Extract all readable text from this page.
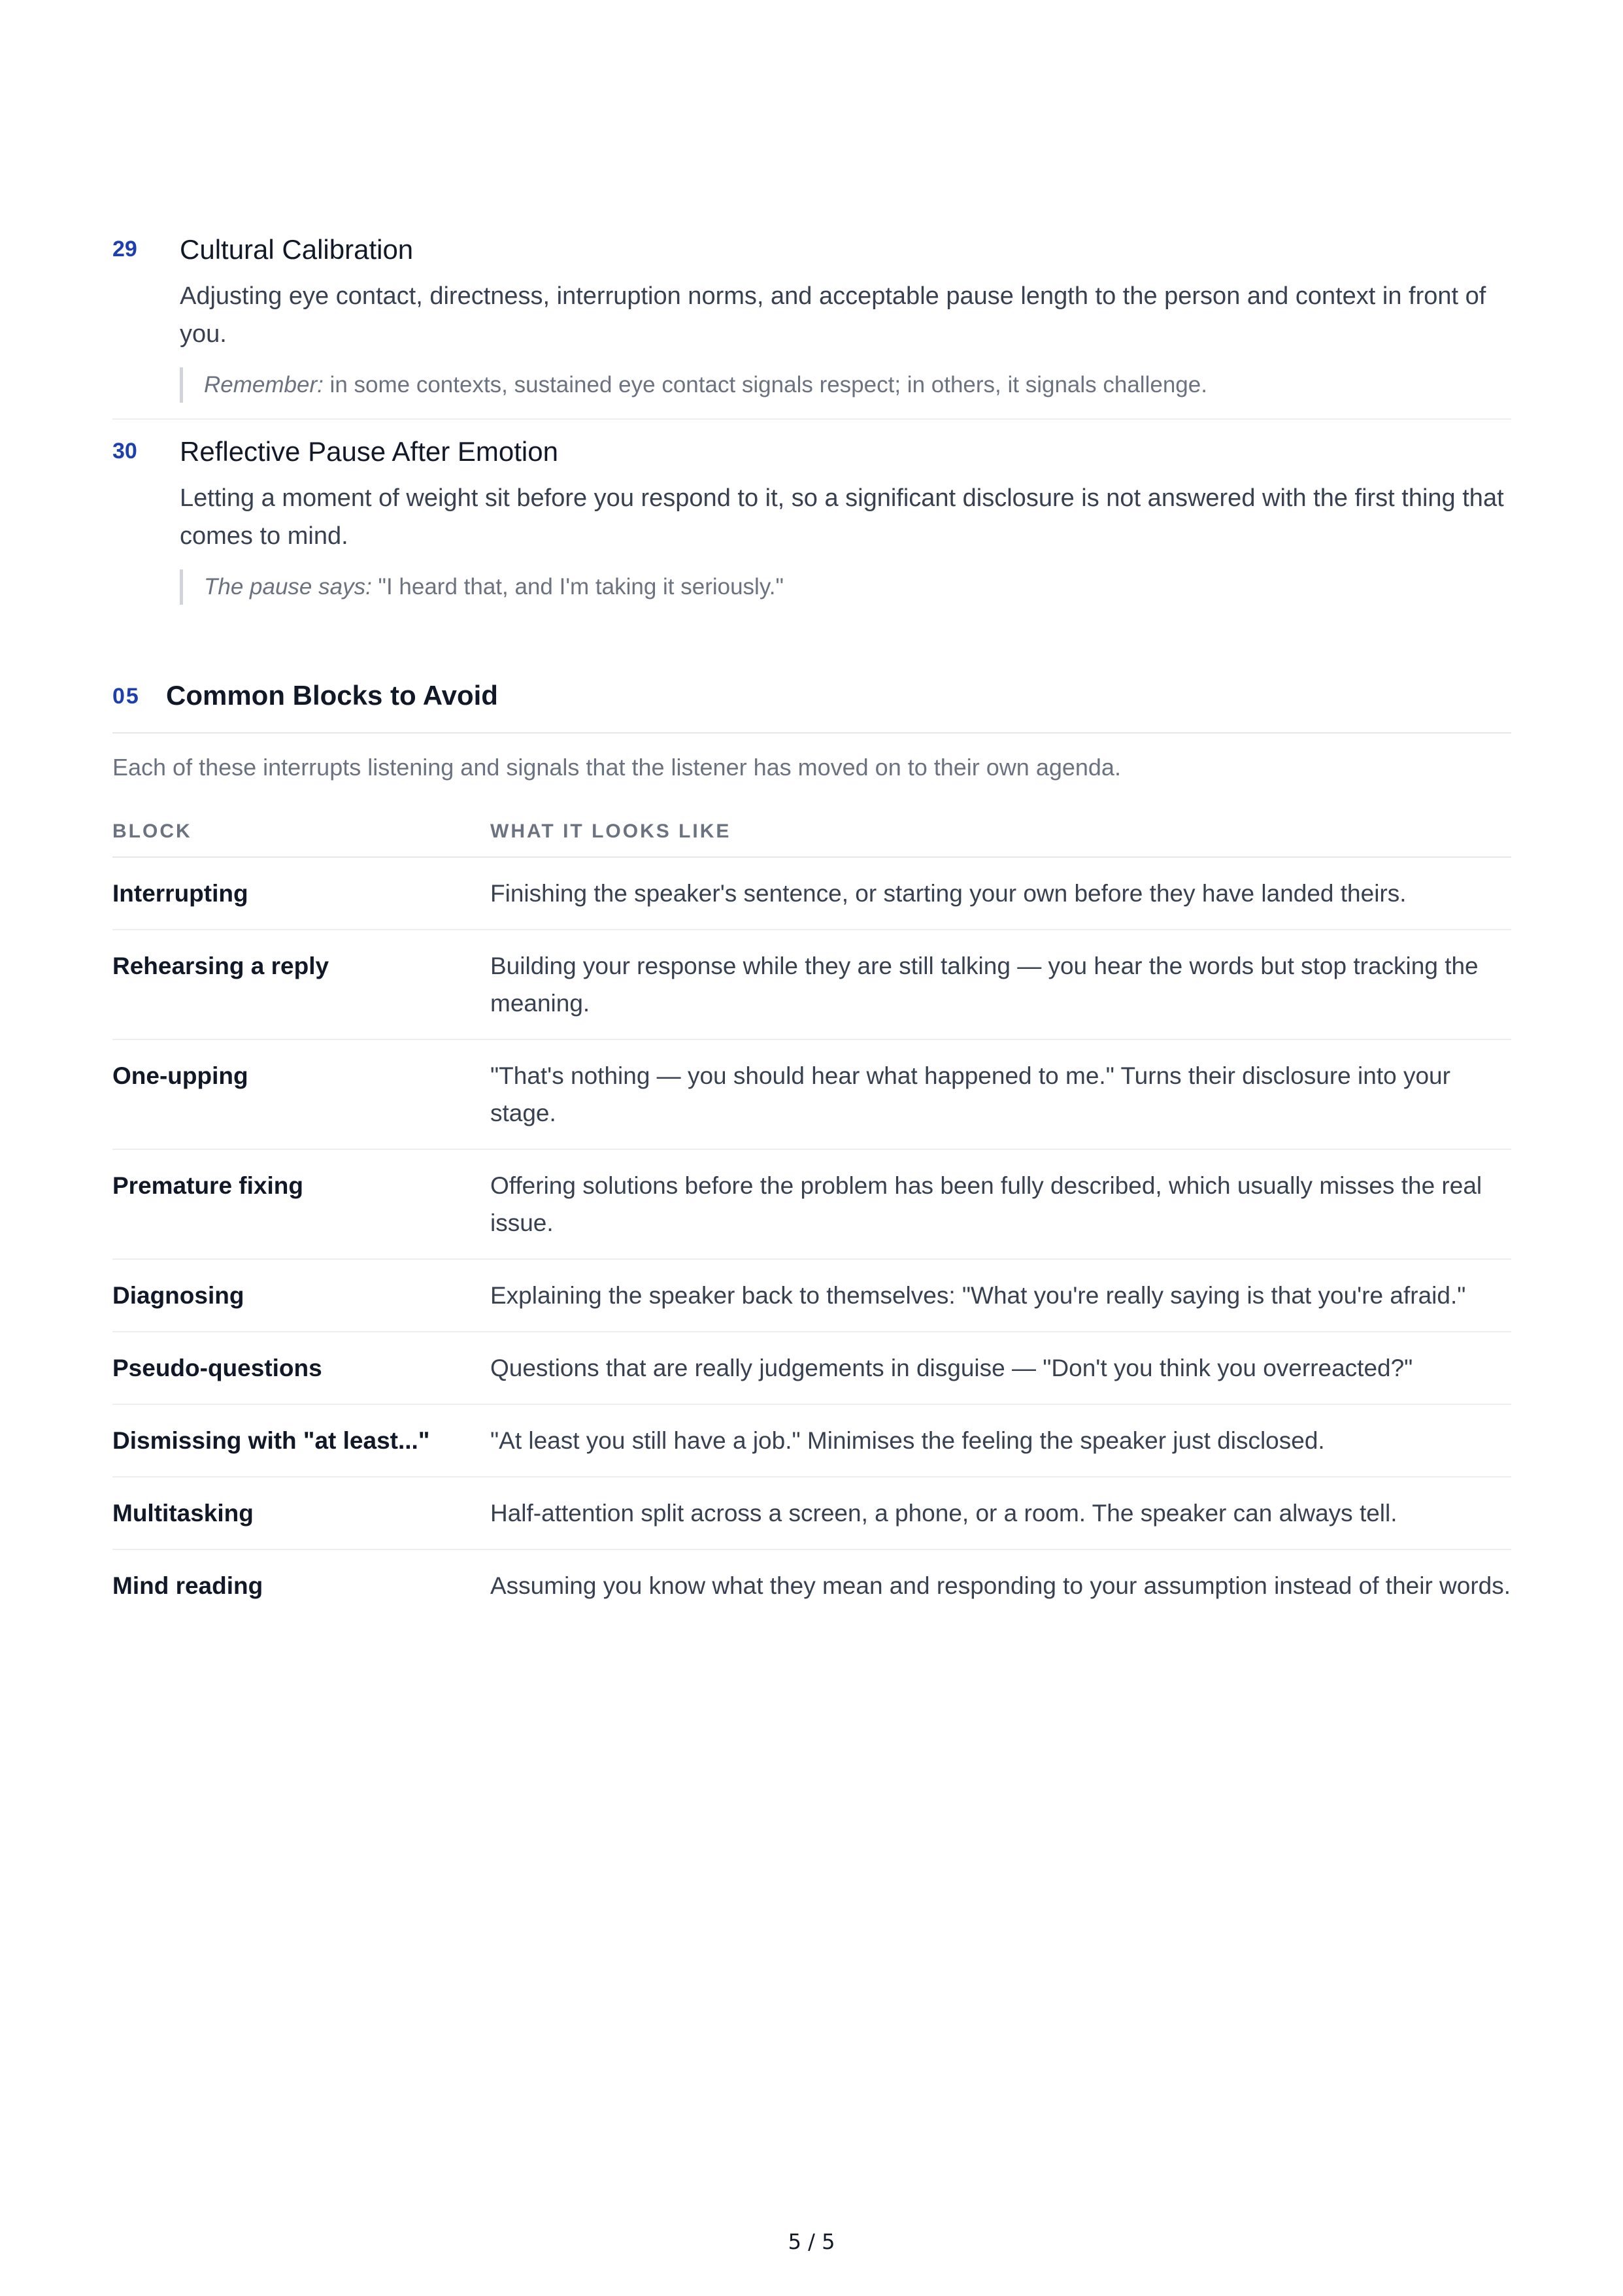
29 Cultural Calibration

Adjusting eye contact, directness, interruption norms, and acceptable pause length to the person and context in front of you.

Remember: in some contexts, sustained eye contact signals respect; in others, it signals challenge.
30 Reflective Pause After Emotion

Letting a moment of weight sit before you respond to it, so a significant disclosure is not answered with the first thing that comes to mind.

The pause says: "I heard that, and I'm taking it seriously."
05 Common Blocks to Avoid

Each of these interrupts listening and signals that the listener has moved on to their own agenda.

BLOCK	WHAT IT LOOKS LIKE
Interrupting	Finishing the speaker's sentence, or starting your own before they have landed theirs.
Rehearsing a reply	Building your response while they are still talking — you hear the words but stop tracking the meaning.
One-upping	"That's nothing — you should hear what happened to me." Turns their disclosure into your stage.
Premature fixing	Offering solutions before the problem has been fully described, which usually misses the real issue.
Diagnosing	Explaining the speaker back to themselves: "What you're really saying is that you're afraid."
Pseudo-questions	Questions that are really judgements in disguise — "Don't you think you overreacted?"
Dismissing with "at least..."	"At least you still have a job." Minimises the feeling the speaker just disclosed.
Multitasking	Half-attention split across a screen, a phone, or a room. The speaker can always tell.
Mind reading	Assuming you know what they mean and responding to your assumption instead of their words.
5 / 5
